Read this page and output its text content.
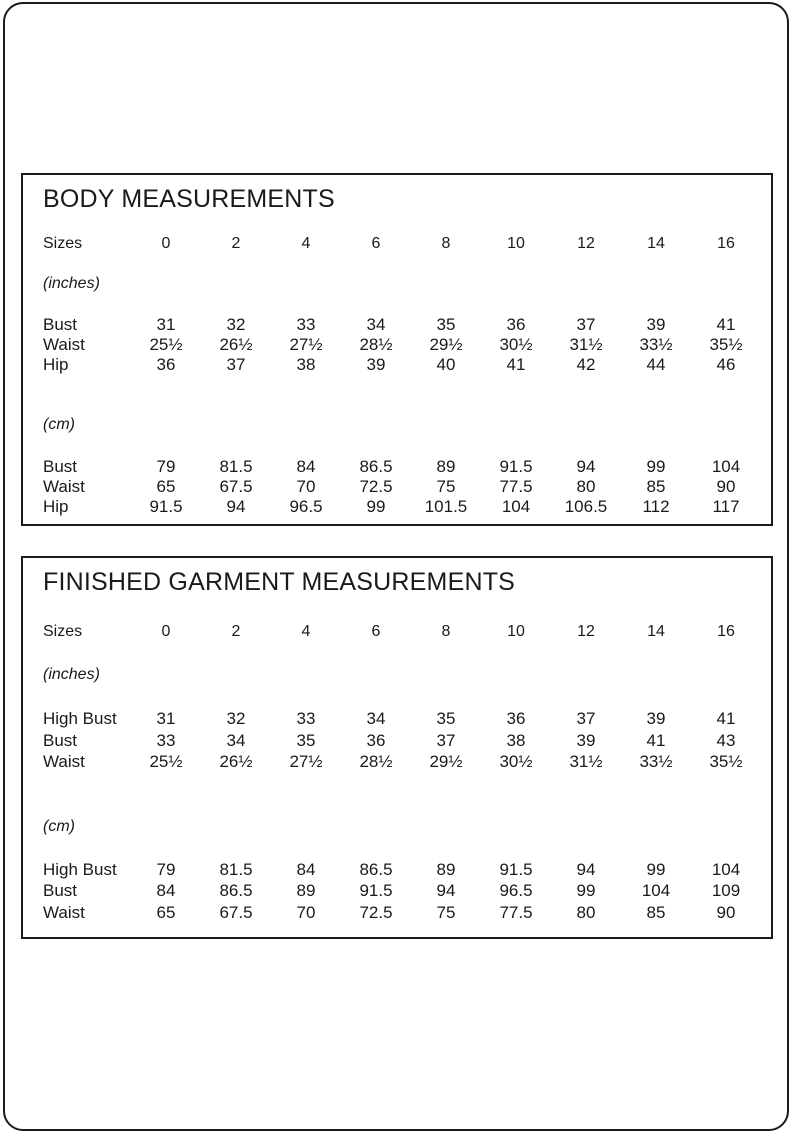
BODY MEASUREMENTS
Sizes	0	2	4	6	8	10	12	14	16
(inches)
Bust	31	32	33	34	35	36	37	39	41
Waist	25½	26½	27½	28½	29½	30½	31½	33½	35½
Hip	36	37	38	39	40	41	42	44	46
(cm)
Bust	79	81.5	84	86.5	89	91.5	94	99	104
Waist	65	67.5	70	72.5	75	77.5	80	85	90
Hip	91.5	94	96.5	99	101.5	104	106.5	112	117
FINISHED GARMENT MEASUREMENTS
Sizes	0	2	4	6	8	10	12	14	16
(inches)
High Bust	31	32	33	34	35	36	37	39	41
Bust	33	34	35	36	37	38	39	41	43
Waist	25½	26½	27½	28½	29½	30½	31½	33½	35½
(cm)
High Bust	79	81.5	84	86.5	89	91.5	94	99	104
Bust	84	86.5	89	91.5	94	96.5	99	104	109
Waist	65	67.5	70	72.5	75	77.5	80	85	90
